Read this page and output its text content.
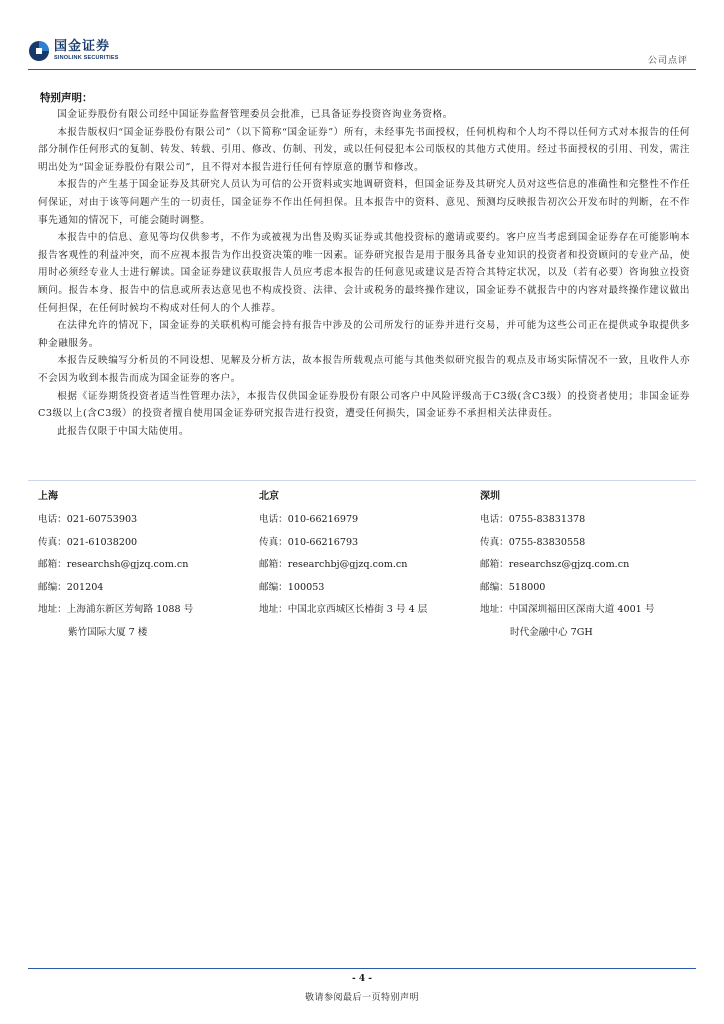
国金证券
SINOLINK SECURITIES	公司点评
特别声明：

国金证券股份有限公司经中国证券监督管理委员会批准，已具备证券投资咨询业务资格。

本报告版权归“国金证券股份有限公司”（以下简称“国金证券”）所有，未经事先书面授权，任何机构和个人均不得以任何方式对本报告的任何部分制作任何形式的复制、转发、转载、引用、修改、仿制、刊发，或以任何侵犯本公司版权的其他方式使用。经过书面授权的引用、刊发，需注明出处为“国金证券股份有限公司”，且不得对本报告进行任何有悖原意的删节和修改。

本报告的产生基于国金证券及其研究人员认为可信的公开资料或实地调研资料，但国金证券及其研究人员对这些信息的准确性和完整性不作任何保证，对由于该等问题产生的一切责任，国金证券不作出任何担保。且本报告中的资料、意见、预测均反映报告初次公开发布时的判断，在不作事先通知的情况下，可能会随时调整。

本报告中的信息、意见等均仅供参考，不作为或被视为出售及购买证券或其他投资标的邀请或要约。客户应当考虑到国金证券存在可能影响本报告客观性的利益冲突，而不应视本报告为作出投资决策的唯一因素。证券研究报告是用于服务具备专业知识的投资者和投资顾问的专业产品，使用时必须经专业人士进行解读。国金证券建议获取报告人员应考虑本报告的任何意见或建议是否符合其特定状况，以及（若有必要）咨询独立投资顾问。报告本身、报告中的信息或所表达意见也不构成投资、法律、会计或税务的最终操作建议，国金证券不就报告中的内容对最终操作建议做出任何担保，在任何时候均不构成对任何人的个人推荐。

在法律允许的情况下，国金证券的关联机构可能会持有报告中涉及的公司所发行的证券并进行交易，并可能为这些公司正在提供或争取提供多种金融服务。

本报告反映编写分析员的不同设想、见解及分析方法，故本报告所载观点可能与其他类似研究报告的观点及市场实际情况不一致，且收件人亦不会因为收到本报告而成为国金证券的客户。

根据《证券期货投资者适当性管理办法》，本报告仅供国金证券股份有限公司客户中风险评级高于C3级(含C3级）的投资者使用；非国金证券C3级以上(含C3级）的投资者擅自使用国金证券研究报告进行投资，遭受任何损失，国金证券不承担相关法律责任。

此报告仅限于中国大陆使用。

上海
电话：021-60753903
传真：021-61038200
邮箱：researchsh@gjzq.com.cn
邮编：201204
地址：上海浦东新区芳甸路 1088 号
紫竹国际大厦 7 楼
北京
电话：010-66216979
传真：010-66216793
邮箱：researchbj@gjzq.com.cn
邮编：100053
地址：中国北京西城区长椿街 3 号 4 层
深圳
电话：0755-83831378
传真：0755-83830558
邮箱：researchsz@gjzq.com.cn
邮编：518000
地址：中国深圳福田区深南大道 4001 号
时代金融中心 7GH
- 4 -
敬请参阅最后一页特别声明
